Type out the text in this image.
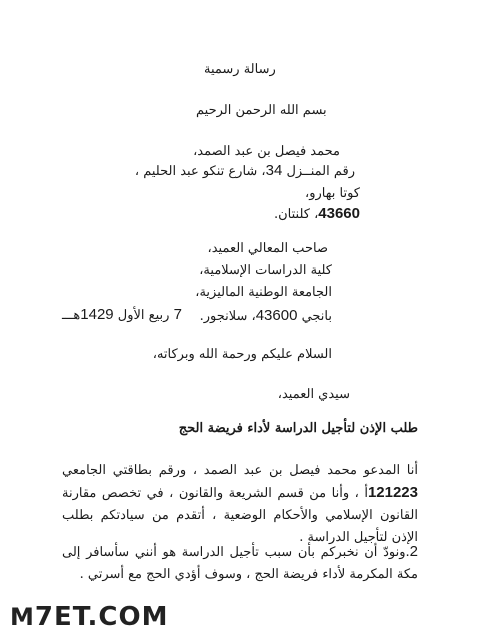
رسالة رسمية
بسم الله الرحمن الرحيم
محمد فيصل بن عبد الصمد،
رقم المنــزل 34، شارع تنكو عبد الحليم ،
كوتا بهارو،
43660، كلنتان.
صاحب المعالي العميد،
كلية الدراسات الإسلامية،
الجامعة الوطنية الماليزية،
بانجي 43600، سلانجور.
7 ربيع الأول 1429هـــ
السلام عليكم ورحمة الله وبركاته،
سيدي العميد،
طلب الإذن لتأجيل الدراسة لأداء فريضة الحج
أنا المدعو محمد فيصل بن عبد الصمد ، ورقم بطاقتي الجامعي 121223أ ، وأنا من قسم الشريعة والقانون ، في تخصص مقارنة القانون الإسلامي والأحكام الوضعية ، أتقدم من سيادتكم بطلب الإذن لتأجيل الدراسة .
2.ونودّ أن نخبركم بأن سبب تأجيل الدراسة هو أنني سأسافر إلى مكة المكرمة لأداء فريضة الحج ، وسوف أؤدي الحج مع أسرتي .
M7ET.COM
